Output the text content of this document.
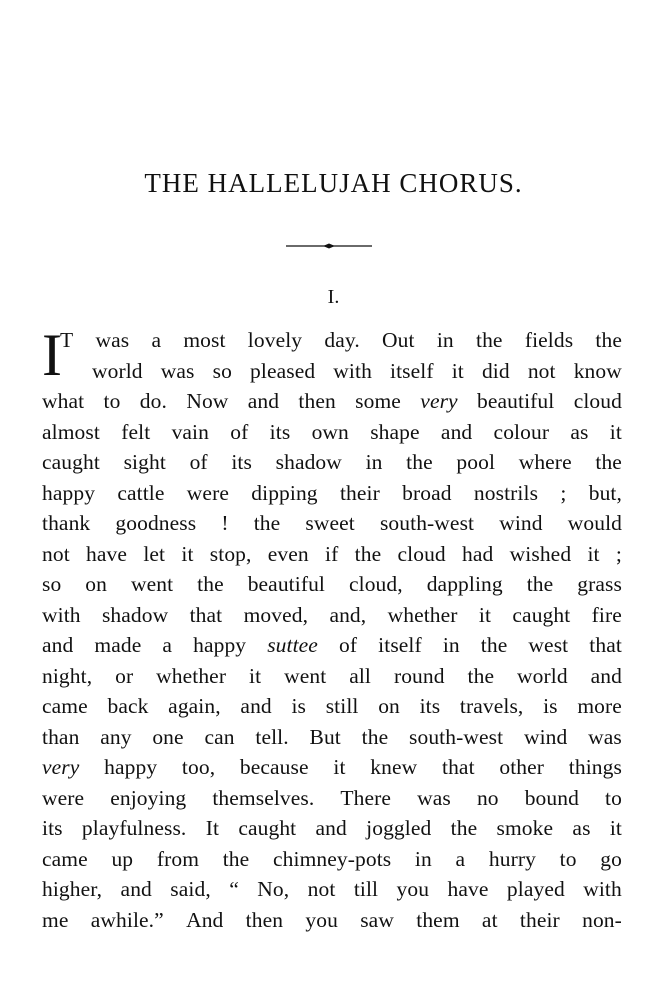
THE HALLELUJAH CHORUS.
I.
I
T was a most lovely day. Out in the fields the
world was so pleased with itself it did not know
what to do. Now and then some very beautiful cloud
almost felt vain of its own shape and colour as it
caught sight of its shadow in the pool where the
happy cattle were dipping their broad nostrils ; but,
thank goodness ! the sweet south-west wind would
not have let it stop, even if the cloud had wished it ;
so on went the beautiful cloud, dappling the grass
with shadow that moved, and, whether it caught fire
and made a happy suttee of itself in the west that
night, or whether it went all round the world and
came back again, and is still on its travels, is more
than any one can tell. But the south-west wind was
very happy too, because it knew that other things
were enjoying themselves. There was no bound to
its playfulness. It caught and joggled the smoke as it
came up from the chimney-pots in a hurry to go
higher, and said, “ No, not till you have played with
me awhile.” And then you saw them at their non-
